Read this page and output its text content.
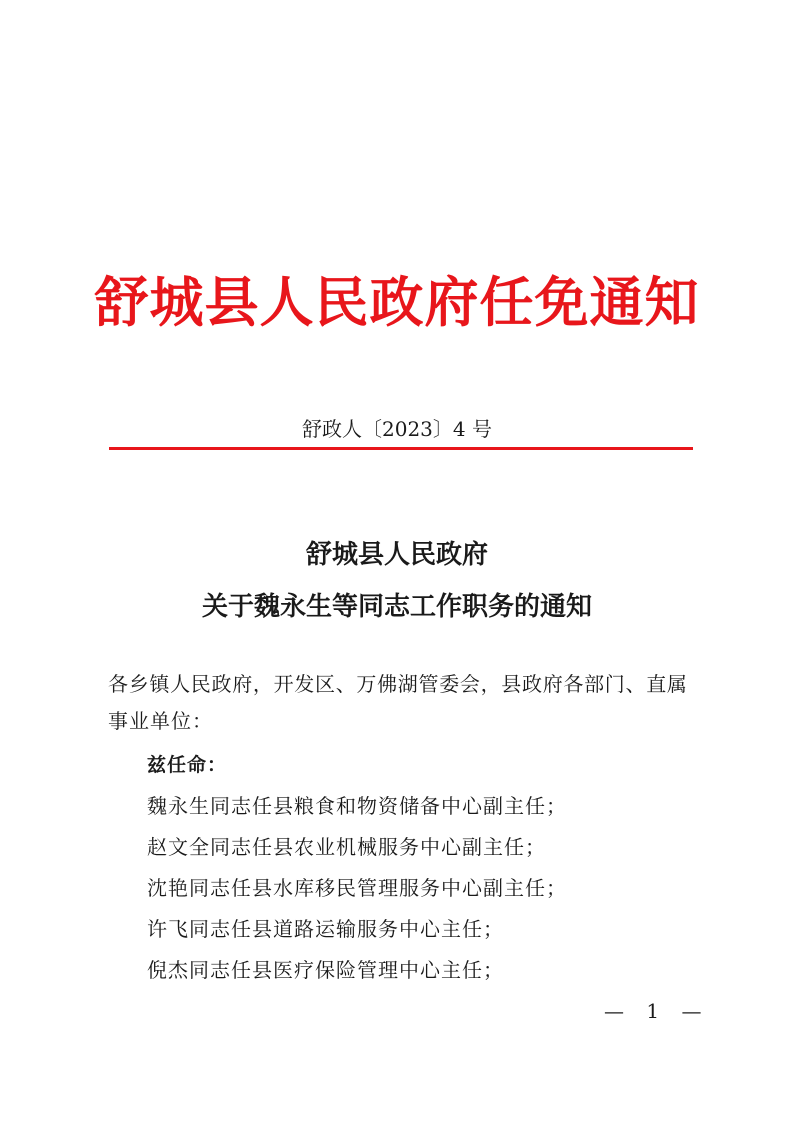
舒城县人民政府任免通知
舒政人〔2023〕4 号
舒城县人民政府
关于魏永生等同志工作职务的通知
各乡镇人民政府，开发区、万佛湖管委会，县政府各部门、直属
事业单位：
兹任命：
魏永生同志任县粮食和物资储备中心副主任；
赵文全同志任县农业机械服务中心副主任；
沈艳同志任县水库移民管理服务中心副主任；
许飞同志任县道路运输服务中心主任；
倪杰同志任县医疗保险管理中心主任；
— 1 —
